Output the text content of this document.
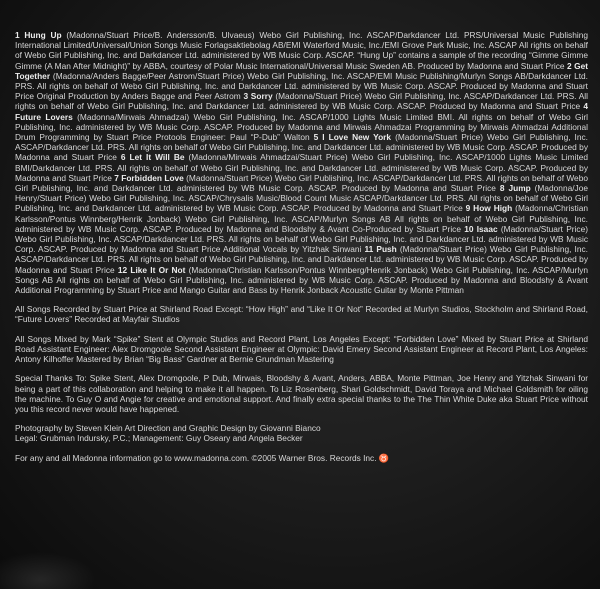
1 Hung Up (Madonna/Stuart Price/B. Andersson/B. Ulvaeus) Webo Girl Publishing, Inc. ASCAP/Darkdancer Ltd. PRS/Universal Music Publishing International Limited/Universal/Union Songs Music Forlagsaktiebolag AB/EMI Waterford Music, Inc./EMI Grove Park Music, Inc. ASCAP All rights on behalf of Webo Girl Publishing, Inc. and Darkdancer Ltd. administered by WB Music Corp. ASCAP. “Hung Up” contains a sample of the recording “Gimme Gimme Gimme (A Man After Midnight)” by ABBA, courtesy of Polar Music International/Universal Music Sweden AB. Produced by Madonna and Stuart Price 2 Get Together (Madonna/Anders Bagge/Peer Astrom/Stuart Price) Webo Girl Publishing, Inc. ASCAP/EMI Music Publishing/Murlyn Songs AB/Darkdancer Ltd. PRS. All rights on behalf of Webo Girl Publishing, Inc. and Darkdancer Ltd. administered by WB Music Corp. ASCAP. Produced by Madonna and Stuart Price Original Production by Anders Bagge and Peer Astrom 3 Sorry (Madonna/Stuart Price) Webo Girl Publishing, Inc. ASCAP/Darkdancer Ltd. PRS. All rights on behalf of Webo Girl Publishing, Inc. and Darkdancer Ltd. administered by WB Music Corp. ASCAP. Produced by Madonna and Stuart Price 4 Future Lovers (Madonna/Mirwais Ahmadzai) Webo Girl Publishing, Inc. ASCAP/1000 Lights Music Limited BMI. All rights on behalf of Webo Girl Publishing, Inc. administered by WB Music Corp. ASCAP. Produced by Madonna and Mirwais Ahmadzai Programming by Mirwais Ahmadzai Additional Drum Programming by Stuart Price Protools Engineer: Paul “P-Dub” Walton 5 I Love New York (Madonna/Stuart Price) Webo Girl Publishing, Inc. ASCAP/Darkdancer Ltd. PRS. All rights on behalf of Webo Girl Publishing, Inc. and Darkdancer Ltd. administered by WB Music Corp. ASCAP. Produced by Madonna and Stuart Price 6 Let It Will Be (Madonna/Mirwais Ahmadzai/Stuart Price) Webo Girl Publishing, Inc. ASCAP/1000 Lights Music Limited BMI/Darkdancer Ltd. PRS. All rights on behalf of Webo Girl Publishing, Inc. and Darkdancer Ltd. administered by WB Music Corp. ASCAP. Produced by Madonna and Stuart Price 7 Forbidden Love (Madonna/Stuart Price) Webo Girl Publishing, Inc. ASCAP/Darkdancer Ltd. PRS. All rights on behalf of Webo Girl Publishing, Inc. and Darkdancer Ltd. administered by WB Music Corp. ASCAP. Produced by Madonna and Stuart Price 8 Jump (Madonna/Joe Henry/Stuart Price) Webo Girl Publishing, Inc. ASCAP/Chrysalis Music/Blood Count Music ASCAP/Darkdancer Ltd. PRS. All rights on behalf of Webo Girl Publishing, Inc. and Darkdancer Ltd. administered by WB Music Corp. ASCAP. Produced by Madonna and Stuart Price 9 How High (Madonna/Christian Karlsson/Pontus Winnberg/Henrik Jonback) Webo Girl Publishing, Inc. ASCAP/Murlyn Songs AB All rights on behalf of Webo Girl Publishing, Inc. administered by WB Music Corp. ASCAP. Produced by Madonna and Bloodshy & Avant Co-Produced by Stuart Price 10 Isaac (Madonna/Stuart Price) Webo Girl Publishing, Inc. ASCAP/Darkdancer Ltd. PRS. All rights on behalf of Webo Girl Publishing, Inc. and Darkdancer Ltd. administered by WB Music Corp. ASCAP. Produced by Madonna and Stuart Price Additional Vocals by Yitzhak Sinwani 11 Push (Madonna/Stuart Price) Webo Girl Publishing, Inc. ASCAP/Darkdancer Ltd. PRS. All rights on behalf of Webo Girl Publishing, Inc. and Darkdancer Ltd. administered by WB Music Corp. ASCAP. Produced by Madonna and Stuart Price 12 Like It Or Not (Madonna/Christian Karlsson/Pontus Winnberg/Henrik Jonback) Webo Girl Publishing, Inc. ASCAP/Murlyn Songs AB All rights on behalf of Webo Girl Publishing, Inc. administered by WB Music Corp. ASCAP. Produced by Madonna and Bloodshy & Avant Additional Programming by Stuart Price and Mango Guitar and Bass by Henrik Jonback Acoustic Guitar by Monte Pittman

All Songs Recorded by Stuart Price at Shirland Road Except: “How High” and “Like It Or Not” Recorded at Murlyn Studios, Stockholm and Shirland Road, “Future Lovers” Recorded at Mayfair Studios

All Songs Mixed by Mark “Spike” Stent at Olympic Studios and Record Plant, Los Angeles Except: “Forbidden Love” Mixed by Stuart Price at Shirland Road Assistant Engineer: Alex Dromgoole Second Assistant Engineer at Olympic: David Emery Second Assistant Engineer at Record Plant, Los Angeles: Antony Kilhoffer Mastered by Brian “Big Bass” Gardner at Bernie Grundman Mastering

Special Thanks To: Spike Stent, Alex Dromgoole, P Dub, Mirwais, Bloodshy & Avant, Anders, ABBA, Monte Pittman, Joe Henry and Yitzhak Sinwani for being a part of this collaboration and helping to make it all happen. To Liz Rosenberg, Shari Goldschmidt, David Toraya and Michael Goldsmith for oiling the machine. To Guy O and Angie for creative and emotional support. And finally extra special thanks to the The Thin White Duke aka Stuart Price without you this record never would have happened.

Photography by Steven Klein Art Direction and Graphic Design by Giovanni Bianco
Legal: Grubman Indursky, P.C.; Management: Guy Oseary and Angela Becker

For any and all Madonna information go to www.madonna.com. ©2005 Warner Bros. Records Inc. ♉
